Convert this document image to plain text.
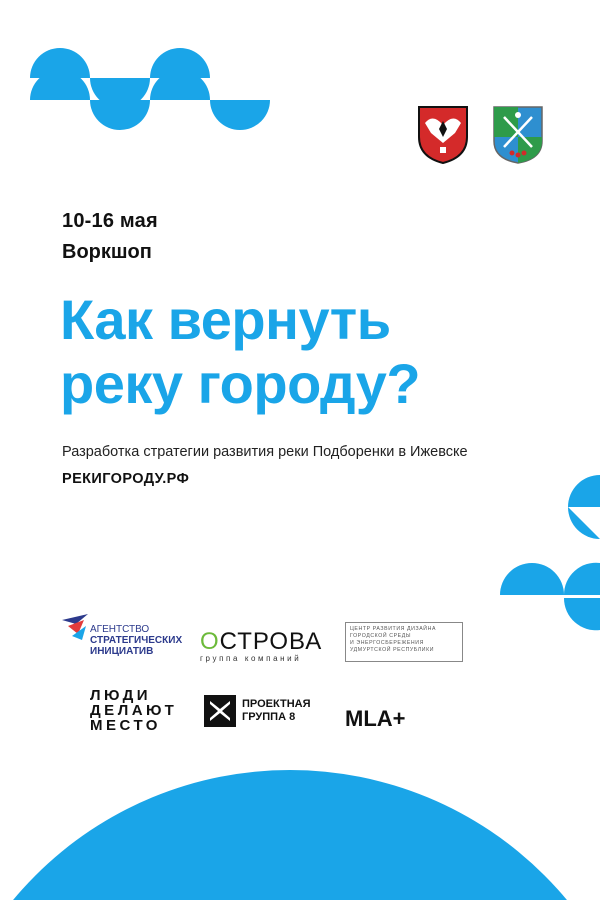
10-16 мая
Воркшоп
Как вернуть
реку городу?
Разработка стратегии развития реки Подборенки в Ижевске
РЕКИГОРОДУ.РФ
АГЕНТСТВО
СТРАТЕГИЧЕСКИХ
ИНИЦИАТИВ	ОСТРОВА
группа компаний
ЦЕНТР РАЗВИТИЯ ДИЗАЙНА
ГОРОДСКОЙ СРЕДЫ
И ЭНЕРГОСБЕРЕЖЕНИЯ
УДМУРТСКОЙ РЕСПУБЛИКИ
ЛЮДИ
ДЕЛАЮТ
МЕСТО
ПРОЕКТНАЯ
ГРУППА 8	MLA+
